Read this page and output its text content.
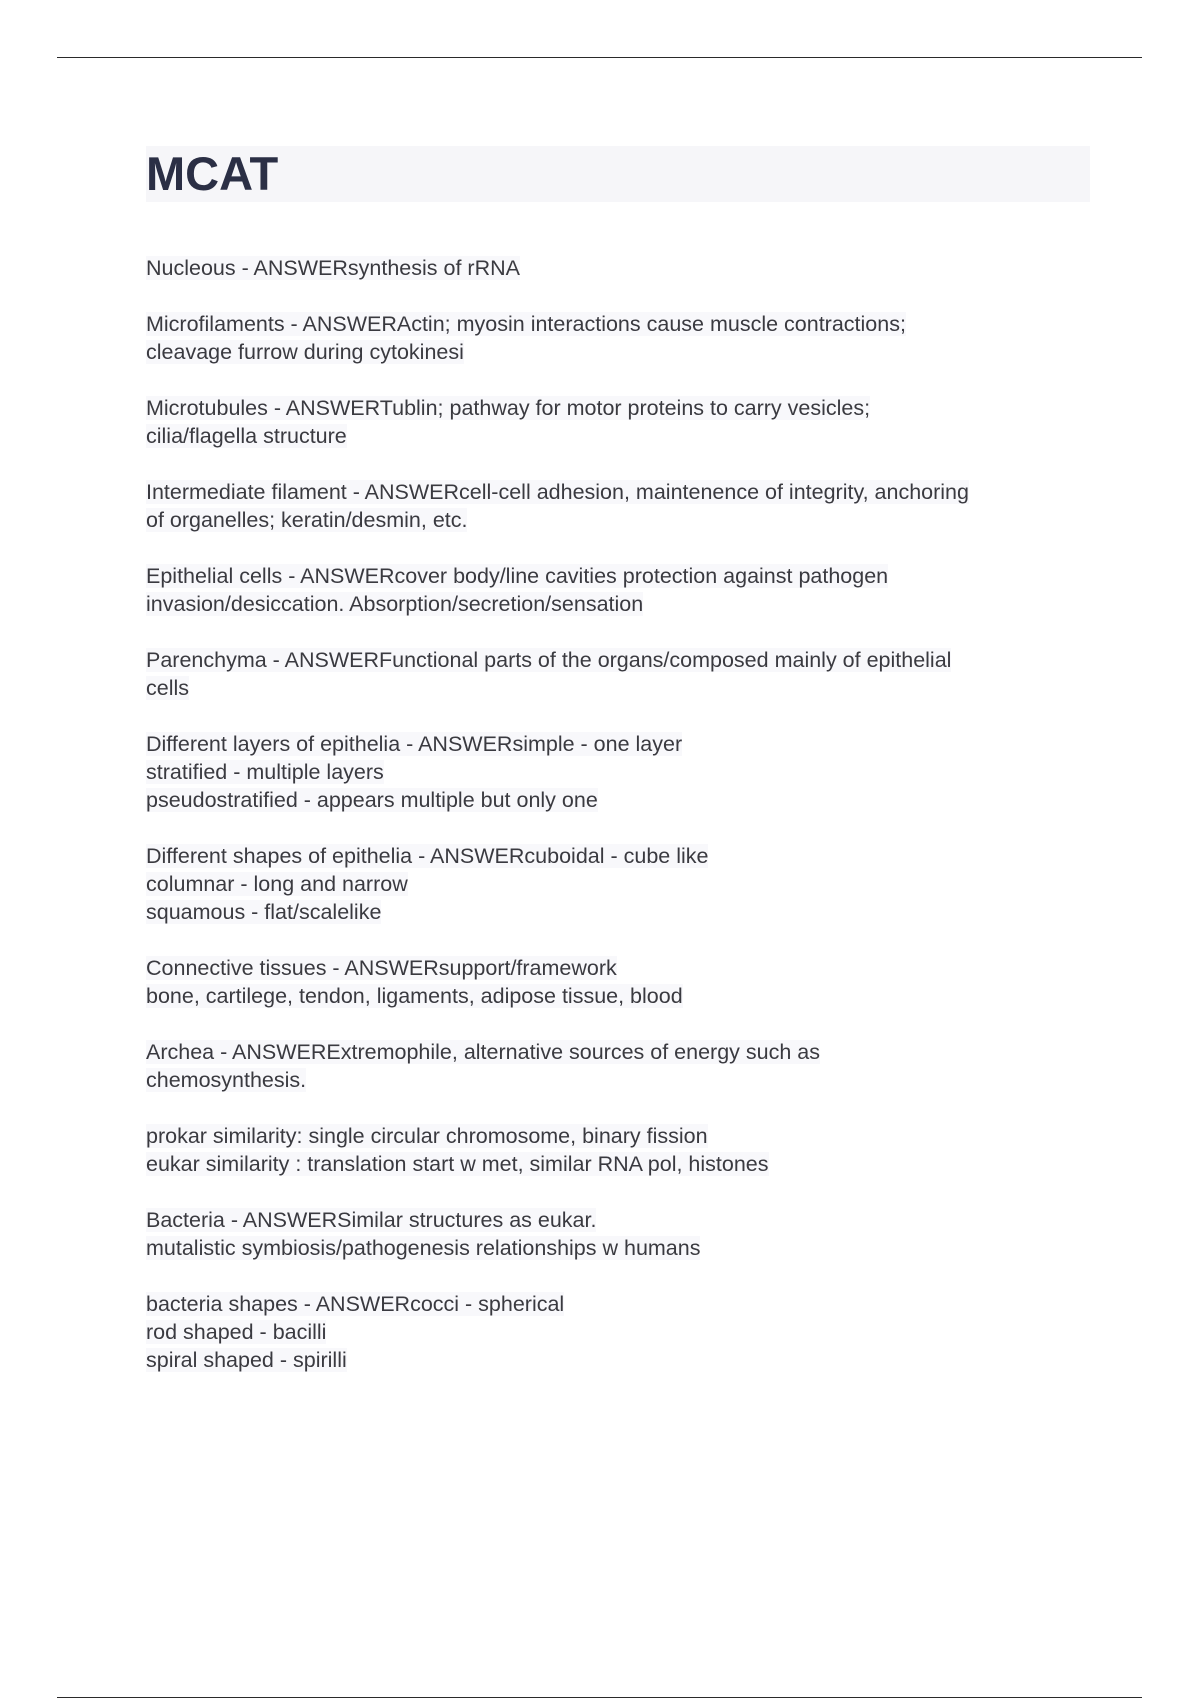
MCAT
Nucleous - ANSWERsynthesis of rRNA
Microfilaments - ANSWERActin; myosin interactions cause muscle contractions;
cleavage furrow during cytokinesi
Microtubules - ANSWERTublin; pathway for motor proteins to carry vesicles;
cilia/flagella structure
Intermediate filament - ANSWERcell-cell adhesion, maintenence of integrity, anchoring
of organelles; keratin/desmin, etc.
Epithelial cells - ANSWERcover body/line cavities protection against pathogen
invasion/desiccation. Absorption/secretion/sensation
Parenchyma - ANSWERFunctional parts of the organs/composed mainly of epithelial
cells
Different layers of epithelia - ANSWERsimple - one layer
stratified - multiple layers
pseudostratified - appears multiple but only one
Different shapes of epithelia - ANSWERcuboidal - cube like
columnar - long and narrow
squamous - flat/scalelike
Connective tissues - ANSWERsupport/framework
bone, cartilege, tendon, ligaments, adipose tissue, blood
Archea - ANSWERExtremophile, alternative sources of energy such as
chemosynthesis.
prokar similarity: single circular chromosome, binary fission
eukar similarity : translation start w met, similar RNA pol, histones
Bacteria - ANSWERSimilar structures as eukar.
mutalistic symbiosis/pathogenesis relationships w humans
bacteria shapes - ANSWERcocci - spherical
rod shaped - bacilli
spiral shaped - spirilli
